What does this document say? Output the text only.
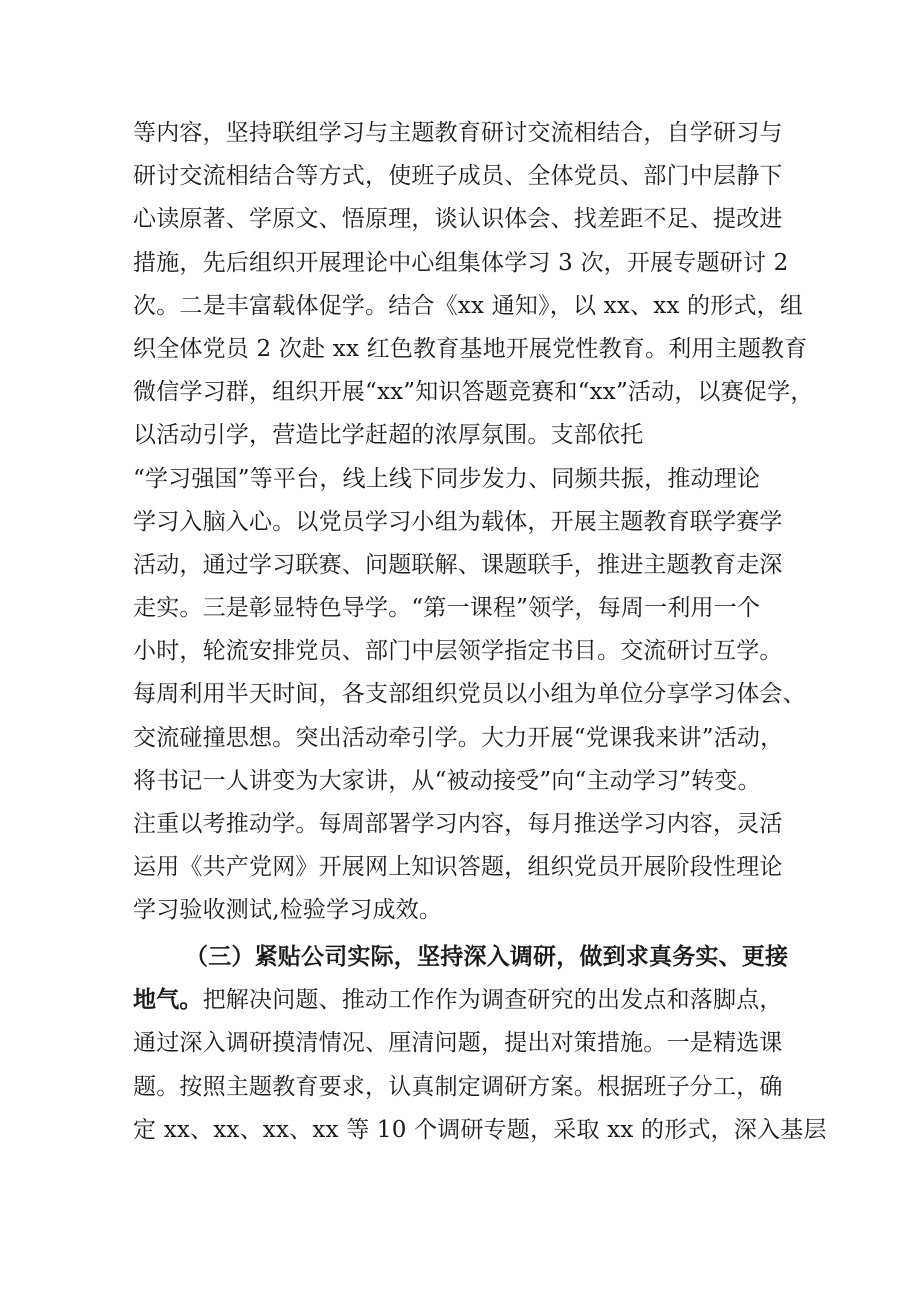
等内容，坚持联组学习与主题教育研讨交流相结合，自学研习与
研讨交流相结合等方式，使班子成员、全体党员、部门中层静下
心读原著、学原文、悟原理，谈认识体会、找差距不足、提改进
措施，先后组织开展理论中心组集体学习 3 次，开展专题研讨 2
次。二是丰富载体促学。结合《xx 通知》，以 xx、xx 的形式，组
织全体党员 2 次赴 xx 红色教育基地开展党性教育。利用主题教育
微信学习群，组织开展“xx”知识答题竞赛和“xx”活动，以赛促学，
以活动引学，营造比学赶超的浓厚氛围。支部依托
“学习强国”等平台，线上线下同步发力、同频共振，推动理论
学习入脑入心。以党员学习小组为载体，开展主题教育联学赛学
活动，通过学习联赛、问题联解、课题联手，推进主题教育走深
走实。三是彰显特色导学。“第一课程”领学，每周一利用一个
小时，轮流安排党员、部门中层领学指定书目。交流研讨互学。
每周利用半天时间，各支部组织党员以小组为单位分享学习体会、
交流碰撞思想。突出活动牵引学。大力开展“党课我来讲”活动，
将书记一人讲变为大家讲，从“被动接受”向“主动学习”转变。
注重以考推动学。每周部署学习内容，每月推送学习内容，灵活
运用《共产党网》开展网上知识答题，组织党员开展阶段性理论
学习验收测试,检验学习成效。
（三）紧贴公司实际，坚持深入调研，做到求真务实、更接
地气。把解决问题、推动工作作为调查研究的出发点和落脚点，
通过深入调研摸清情况、厘清问题，提出对策措施。一是精选课
题。按照主题教育要求，认真制定调研方案。根据班子分工，确
定 xx、xx、xx、xx 等 10 个调研专题，采取 xx 的形式，深入基层
